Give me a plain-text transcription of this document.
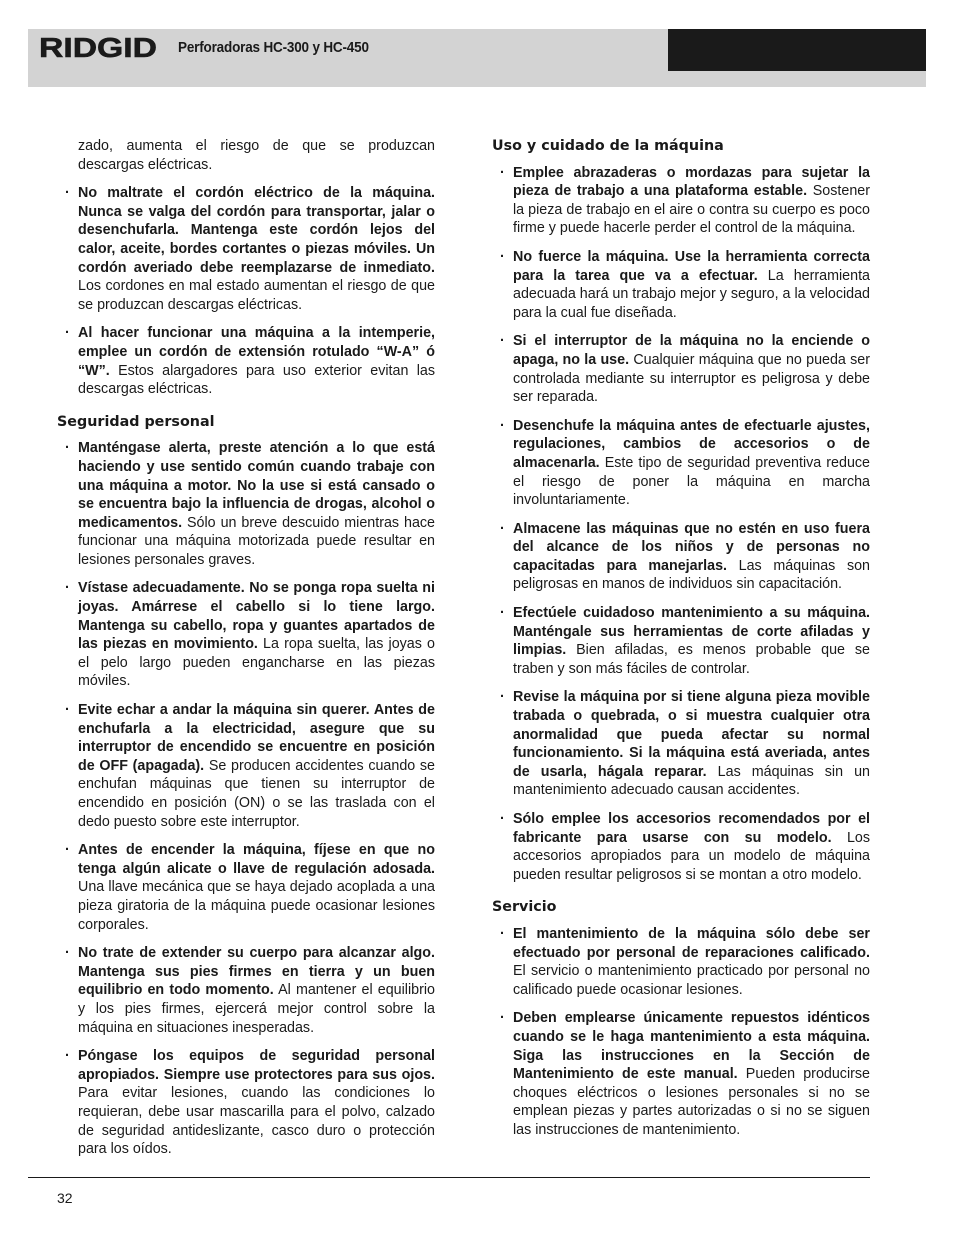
RIDGID Perforadoras HC-300 y HC-450

zado, aumenta el riesgo de que se produzcan descargas eléctricas.

· No maltrate el cordón eléctrico de la máquina. Nunca se valga del cordón para transportar, jalar o desenchufarla. Mantenga este cordón lejos del calor, aceite, bordes cortantes o piezas móviles. Un cordón averiado debe reemplazarse de inmediato. Los cordones en mal estado aumentan el riesgo de que se produzcan descargas eléctricas.
· Al hacer funcionar una máquina a la intemperie, emplee un cordón de extensión rotulado “W-A” ó “W”. Estos alargadores para uso exterior evitan las descargas eléctricas.
Seguridad personal
· Manténgase alerta, preste atención a lo que está haciendo y use sentido común cuando trabaje con una máquina a motor. No la use si está cansado o se encuentra bajo la influencia de drogas, alcohol o medicamentos. Sólo un breve descuido mientras hace funcionar una máquina motorizada puede resultar en lesiones personales graves.
· Vístase adecuadamente. No se ponga ropa suelta ni joyas. Amárrese el cabello si lo tiene largo. Mantenga su cabello, ropa y guantes apartados de las piezas en movimiento. La ropa suelta, las joyas o el pelo largo pueden engancharse en las piezas móviles.
· Evite echar a andar la máquina sin querer. Antes de enchufarla a la electricidad, asegure que su interruptor de encendido se encuentre en posición de OFF (apagada). Se producen accidentes cuando se enchufan máquinas que tienen su interruptor de encendido en posición (ON) o se las traslada con el dedo puesto sobre este interruptor.
· Antes de encender la máquina, fíjese en que no tenga algún alicate o llave de regulación adosada. Una llave mecánica que se haya dejado acoplada a una pieza giratoria de la máquina puede ocasionar lesiones corporales.
· No trate de extender su cuerpo para alcanzar algo. Mantenga sus pies firmes en tierra y un buen equilibrio en todo momento. Al mantener el equilibrio y los pies firmes, ejercerá mejor control sobre la máquina en situaciones inesperadas.
· Póngase los equipos de seguridad personal apropiados. Siempre use protectores para sus ojos. Para evitar lesiones, cuando las condiciones lo requieran, debe usar mascarilla para el polvo, calzado de seguridad antideslizante, casco duro o protección para los oídos.
Uso y cuidado de la máquina
· Emplee abrazaderas o mordazas para sujetar la pieza de trabajo a una plataforma estable. Sostener la pieza de trabajo en el aire o contra su cuerpo es poco firme y puede hacerle perder el control de la máquina.
· No fuerce la máquina. Use la herramienta correcta para la tarea que va a efectuar. La herramienta adecuada hará un trabajo mejor y seguro, a la velocidad para la cual fue diseñada.
· Si el interruptor de la máquina no la enciende o apaga, no la use. Cualquier máquina que no pueda ser controlada mediante su interruptor es peligrosa y debe ser reparada.
· Desenchufe la máquina antes de efectuarle ajustes, regulaciones, cambios de accesorios o de almacenarla. Este tipo de seguridad preventiva reduce el riesgo de poner la máquina en marcha involuntariamente.
· Almacene las máquinas que no estén en uso fuera del alcance de los niños y de personas no capacitadas para manejarlas. Las máquinas son peligrosas en manos de individuos sin capacitación.
· Efectúele cuidadoso mantenimiento a su máquina. Manténgale sus herramientas de corte afiladas y limpias. Bien afiladas, es menos probable que se traben y son más fáciles de controlar.
· Revise la máquina por si tiene alguna pieza movible trabada o quebrada, o si muestra cualquier otra anormalidad que pueda afectar su normal funcionamiento. Si la máquina está averiada, antes de usarla, hágala reparar. Las máquinas sin un mantenimiento adecuado causan accidentes.
· Sólo emplee los accesorios recomendados por el fabricante para usarse con su modelo. Los accesorios apropiados para un modelo de máquina pueden resultar peligrosos si se montan a otro modelo.
Servicio
· El mantenimiento de la máquina sólo debe ser efectuado por personal de reparaciones calificado. El servicio o mantenimiento practicado por personal no calificado puede ocasionar lesiones.
· Deben emplearse únicamente repuestos idénticos cuando se le haga mantenimiento a esta máquina. Siga las instrucciones en la Sección de Mantenimiento de este manual. Pueden producirse choques eléctricos o lesiones personales si no se emplean piezas y partes autorizadas o si no se siguen las instrucciones de mantenimiento.
32
